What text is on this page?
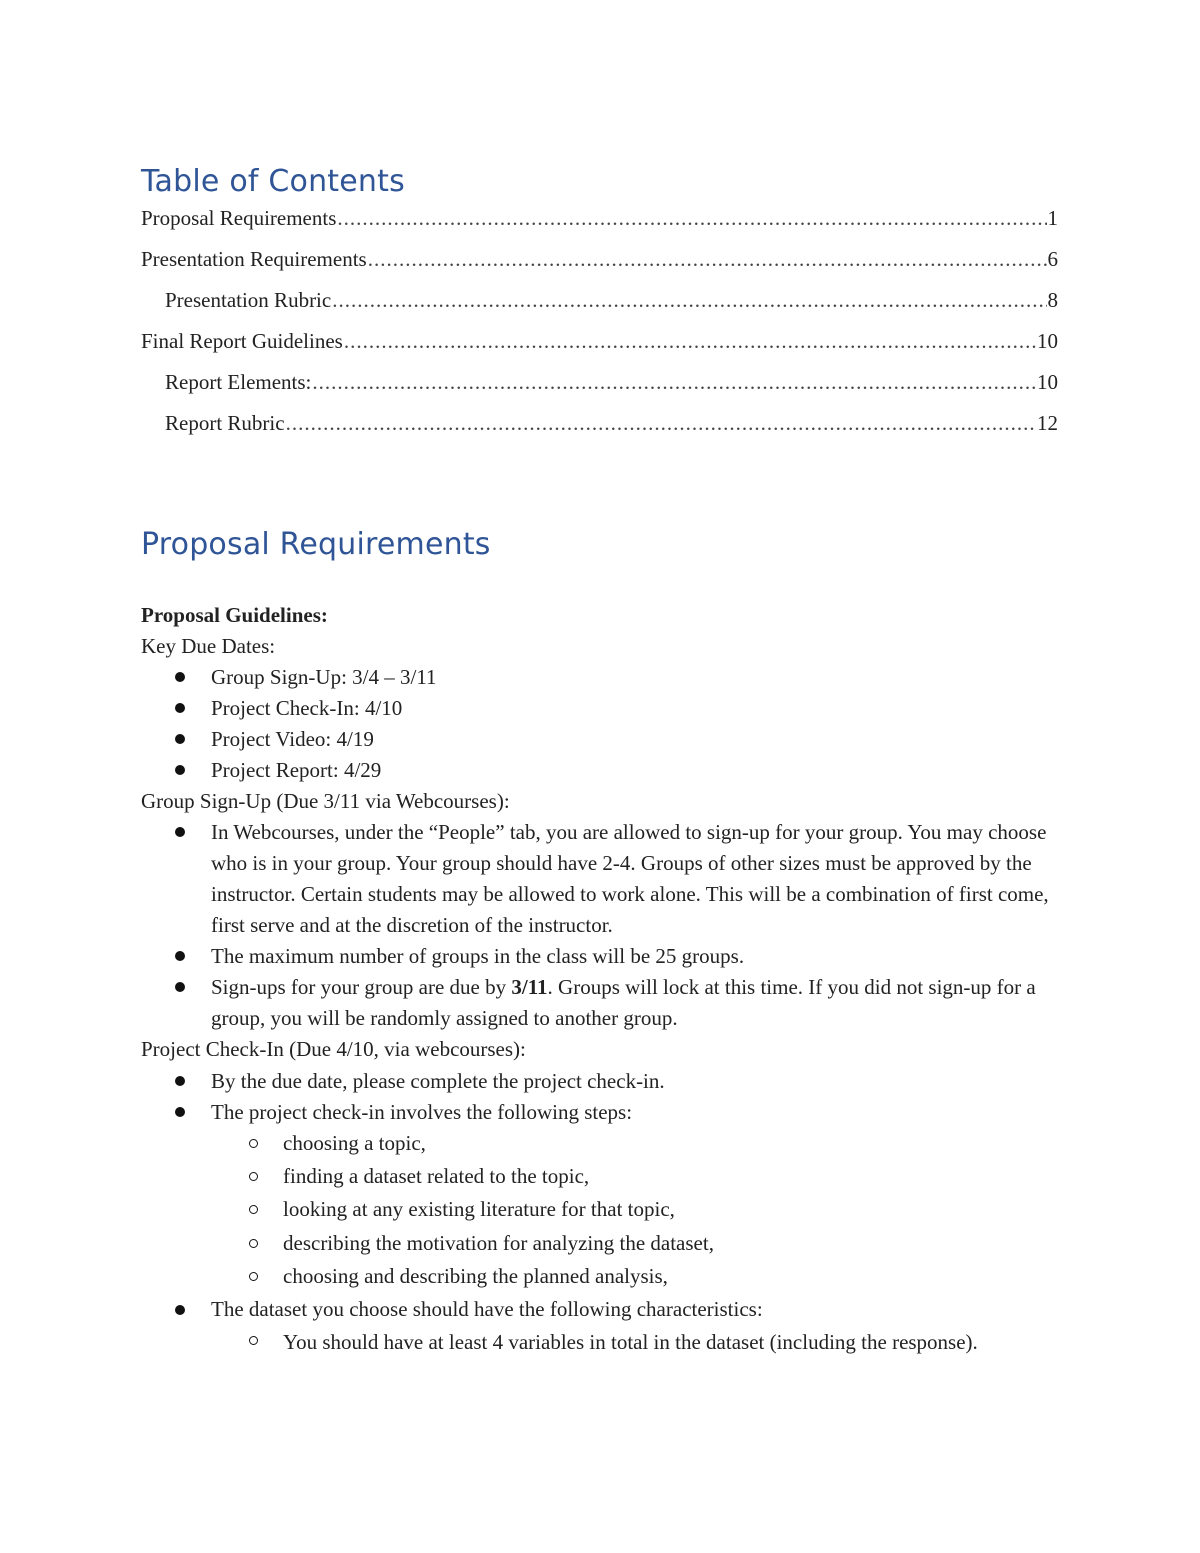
Table of Contents
Proposal Requirements .....	1
Presentation Requirements .....	6
Presentation Rubric .....	8
Final Report Guidelines .....	10
Report Elements: .....	10
Report Rubric .....	12
Proposal Requirements
Proposal Guidelines:
Key Due Dates:
Group Sign-Up: 3/4 – 3/11
Project Check-In: 4/10
Project Video: 4/19
Project Report: 4/29
Group Sign-Up (Due 3/11 via Webcourses):
In Webcourses, under the “People” tab, you are allowed to sign-up for your group. You may choose who is in your group. Your group should have 2-4. Groups of other sizes must be approved by the instructor. Certain students may be allowed to work alone. This will be a combination of first come, first serve and at the discretion of the instructor.
The maximum number of groups in the class will be 25 groups.
Sign-ups for your group are due by 3/11. Groups will lock at this time. If you did not sign-up for a group, you will be randomly assigned to another group.
Project Check-In (Due 4/10, via webcourses):
By the due date, please complete the project check-in.
The project check-in involves the following steps:
choosing a topic,
finding a dataset related to the topic,
looking at any existing literature for that topic,
describing the motivation for analyzing the dataset,
choosing and describing the planned analysis,
The dataset you choose should have the following characteristics:
You should have at least 4 variables in total in the dataset (including the response).
